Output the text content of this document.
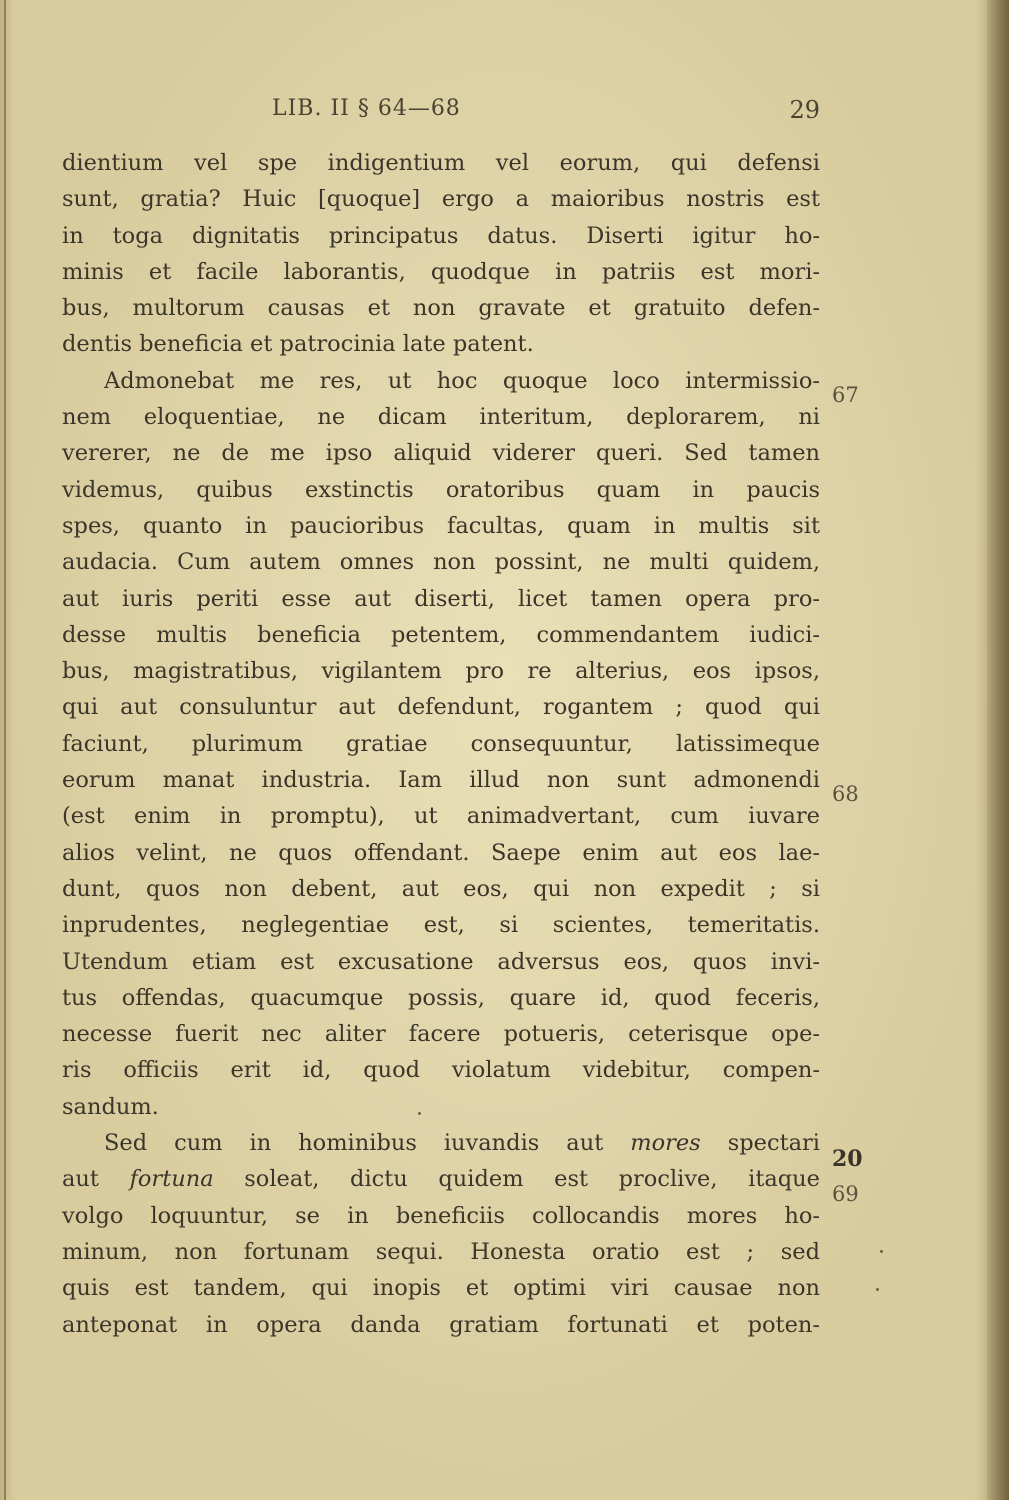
LIB. II § 64—68	29
dientium vel spe indigentium vel eorum, qui defensi
sunt, gratia? Huic [quoque] ergo a maioribus nostris est
in toga dignitatis principatus datus. Diserti igitur ho-
minis et facile laborantis, quodque in patriis est mori-
bus, multorum causas et non gravate et gratuito defen-
dentis beneficia et patrocinia late patent.
Admonebat me res, ut hoc quoque loco intermissio-
nem eloquentiae, ne dicam interitum, deplorarem, ni
vererer, ne de me ipso aliquid viderer queri. Sed tamen
videmus, quibus exstinctis oratoribus quam in paucis
spes, quanto in paucioribus facultas, quam in multis sit
audacia. Cum autem omnes non possint, ne multi quidem,
aut iuris periti esse aut diserti, licet tamen opera pro-
desse multis beneficia petentem, commendantem iudici-
bus, magistratibus, vigilantem pro re alterius, eos ipsos,
qui aut consuluntur aut defendunt, rogantem ; quod qui
faciunt, plurimum gratiae consequuntur, latissimeque
eorum manat industria. Iam illud non sunt admonendi
(est enim in promptu), ut animadvertant, cum iuvare
alios velint, ne quos offendant. Saepe enim aut eos lae-
dunt, quos non debent, aut eos, qui non expedit ; si
inprudentes, neglegentiae est, si scientes, temeritatis.
Utendum etiam est excusatione adversus eos, quos invi-
tus offendas, quacumque possis, quare id, quod feceris,
necesse fuerit nec aliter facere potueris, ceterisque ope-
ris officiis erit id, quod violatum videbitur, compen-
sandum.
Sed cum in hominibus iuvandis aut mores spectari
aut fortuna soleat, dictu quidem est proclive, itaque
volgo loquuntur, se in beneficiis collocandis mores ho-
minum, non fortunam sequi. Honesta oratio est ; sed
quis est tandem, qui inopis et optimi viri causae non
anteponat in opera danda gratiam fortunati et poten-
67
68
20
69
